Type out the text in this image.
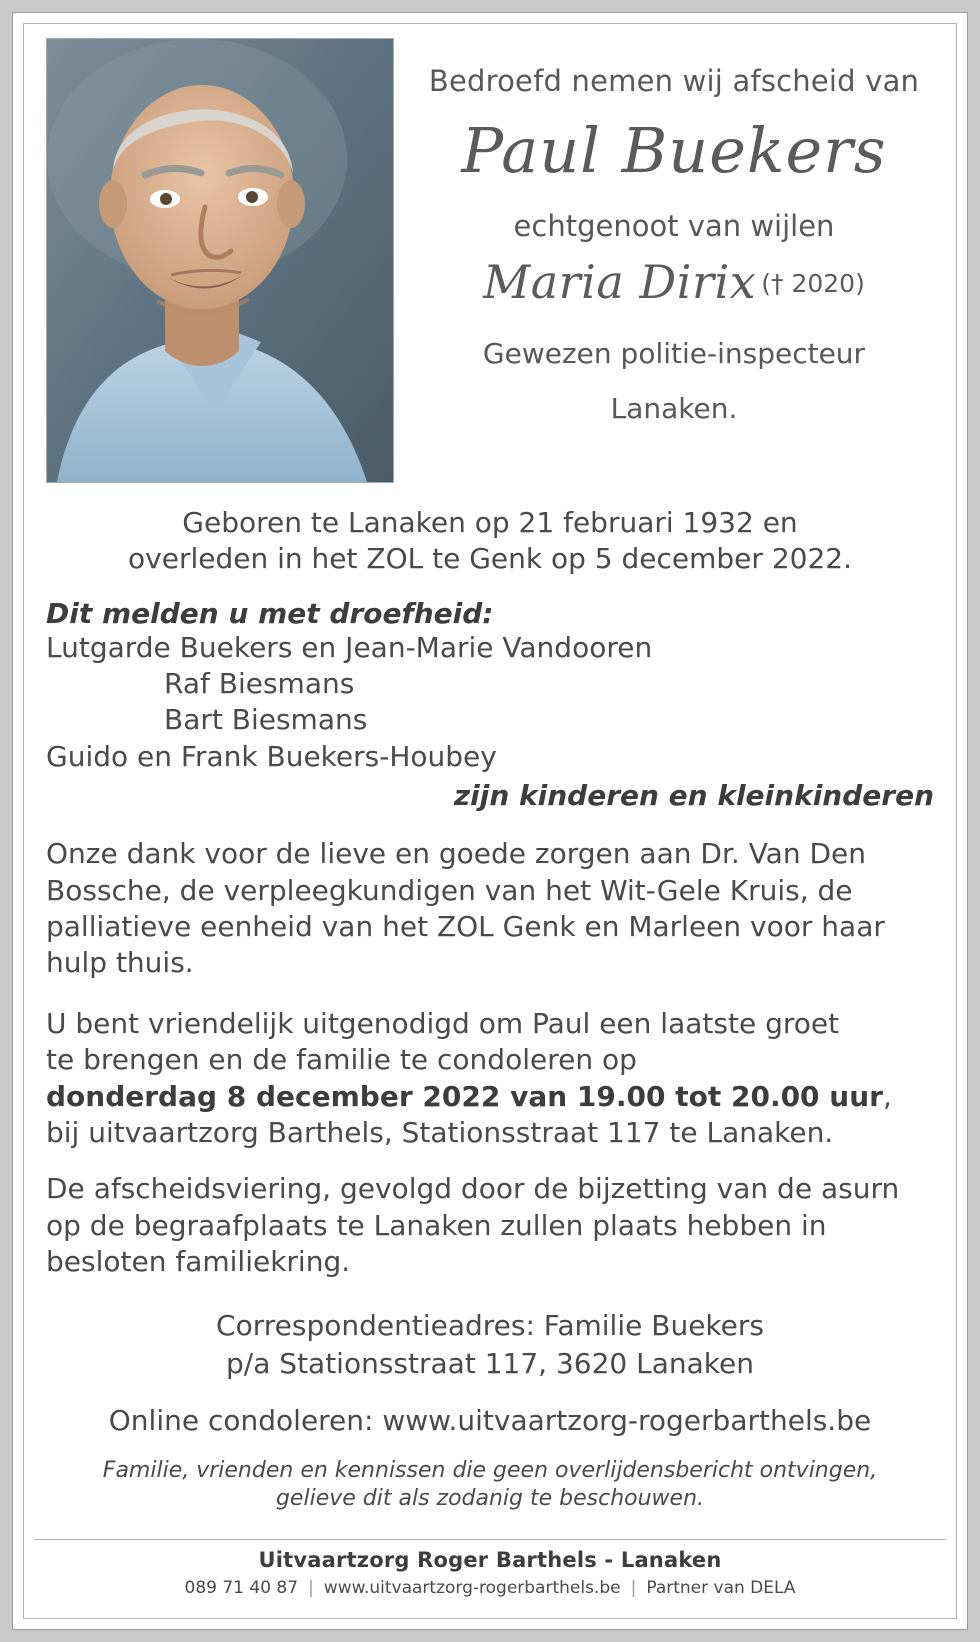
Bedroefd nemen wij afscheid van
Paul Buekers
echtgenoot van wijlen
Maria Dirix († 2020)
Gewezen politie-inspecteur
Lanaken.
Geboren te Lanaken op 21 februari 1932 en
overleden in het ZOL te Genk op 5 december 2022.
Dit melden u met droefheid:
Lutgarde Buekers en Jean-Marie Vandooren
Raf Biesmans
Bart Biesmans
Guido en Frank Buekers-Houbey
zijn kinderen en kleinkinderen
Onze dank voor de lieve en goede zorgen aan Dr. Van Den Bossche, de verpleegkundigen van het Wit-Gele Kruis, de palliatieve eenheid van het ZOL Genk en Marleen voor haar hulp thuis.
U bent vriendelijk uitgenodigd om Paul een laatste groet
te brengen en de familie te condoleren op
donderdag 8 december 2022 van 19.00 tot 20.00 uur,
bij uitvaartzorg Barthels, Stationsstraat 117 te Lanaken.
De afscheidsviering, gevolgd door de bijzetting van de asurn op de begraafplaats te Lanaken zullen plaats hebben in besloten familiekring.
Correspondentieadres: Familie Buekers
p/a Stationsstraat 117, 3620 Lanaken
Online condoleren: www.uitvaartzorg-rogerbarthels.be
Familie, vrienden en kennissen die geen overlijdensbericht ontvingen,
gelieve dit als zodanig te beschouwen.
Uitvaartzorg Roger Barthels - Lanaken
089 71 40 87 | www.uitvaartzorg-rogerbarthels.be | Partner van DELA
